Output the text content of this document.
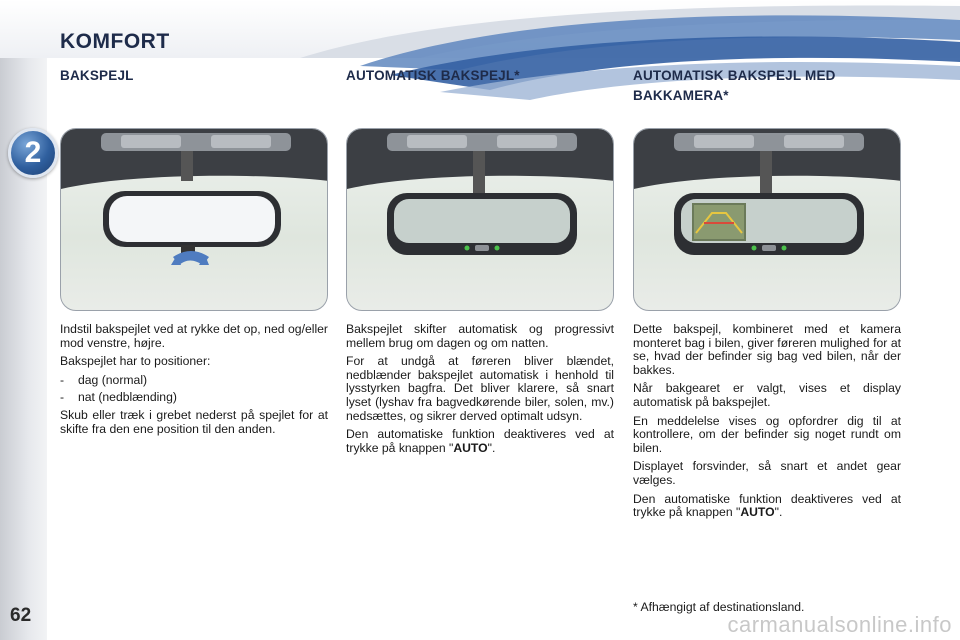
KOMFORT
2
62
BAKSPEJL	AUTOMATISK BAKSPEJL*	AUTOMATISK BAKSPEJL MED
BAKKAMERA*

Indstil bakspejlet ved at rykke det op, ned og/eller mod venstre, højre.

Bakspejlet har to positioner:

-	dag (normal)
-	nat (nedblænding)

Skub eller træk i grebet nederst på spejlet for at skifte fra den ene position til den anden.

Bakspejlet skifter automatisk og progressivt mellem brug om dagen og om natten.

For at undgå at føreren bliver blændet, nedblænder bakspejlet automatisk i henhold til lysstyrken bagfra. Det bliver klarere, så snart lyset (lyshav fra bagvedkørende biler, solen, mv.) nedsættes, og sikrer derved optimalt udsyn.

Den automatiske funktion deaktiveres ved at trykke på knappen "AUTO".

Dette bakspejl, kombineret med et kamera monteret bag i bilen, giver føreren mulighed for at se, hvad der befinder sig bag ved bilen, når der bakkes.

Når bakgearet er valgt, vises et display automatisk på bakspejlet.

En meddelelse vises og opfordrer dig til at kontrollere, om der befinder sig noget rundt om bilen.

Displayet forsvinder, så snart et andet gear vælges.

Den automatiske funktion deaktiveres ved at trykke på knappen "AUTO".

* Afhængigt af destinationsland.
carmanualsonline.info
